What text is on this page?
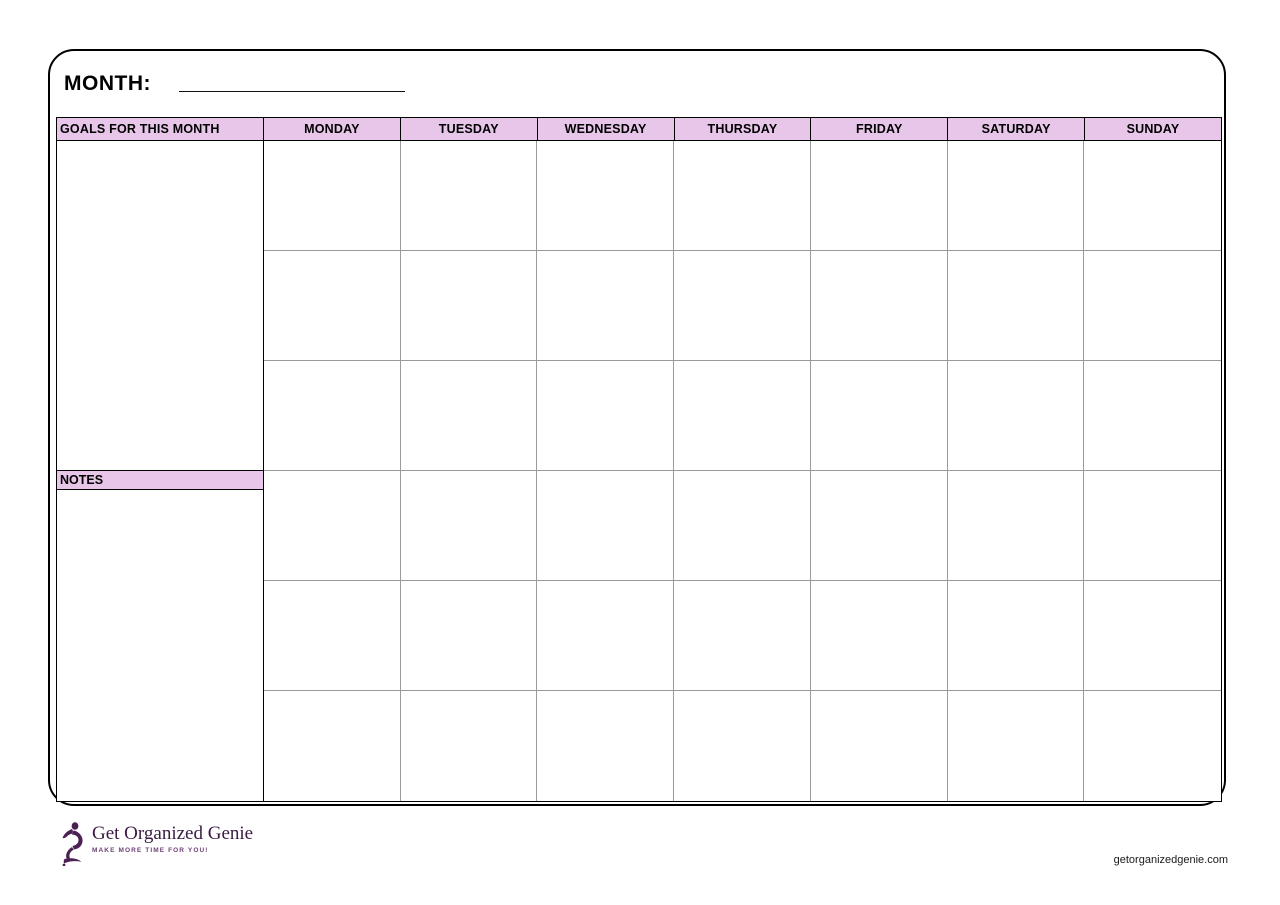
MONTH:
GOALS FOR THIS MONTH	MONDAY	TUESDAY	WEDNESDAY	THURSDAY	FRIDAY	SATURDAY	SUNDAY
NOTES
Get Organized Genie
MAKE MORE TIME FOR YOU!
getorganizedgenie.com
